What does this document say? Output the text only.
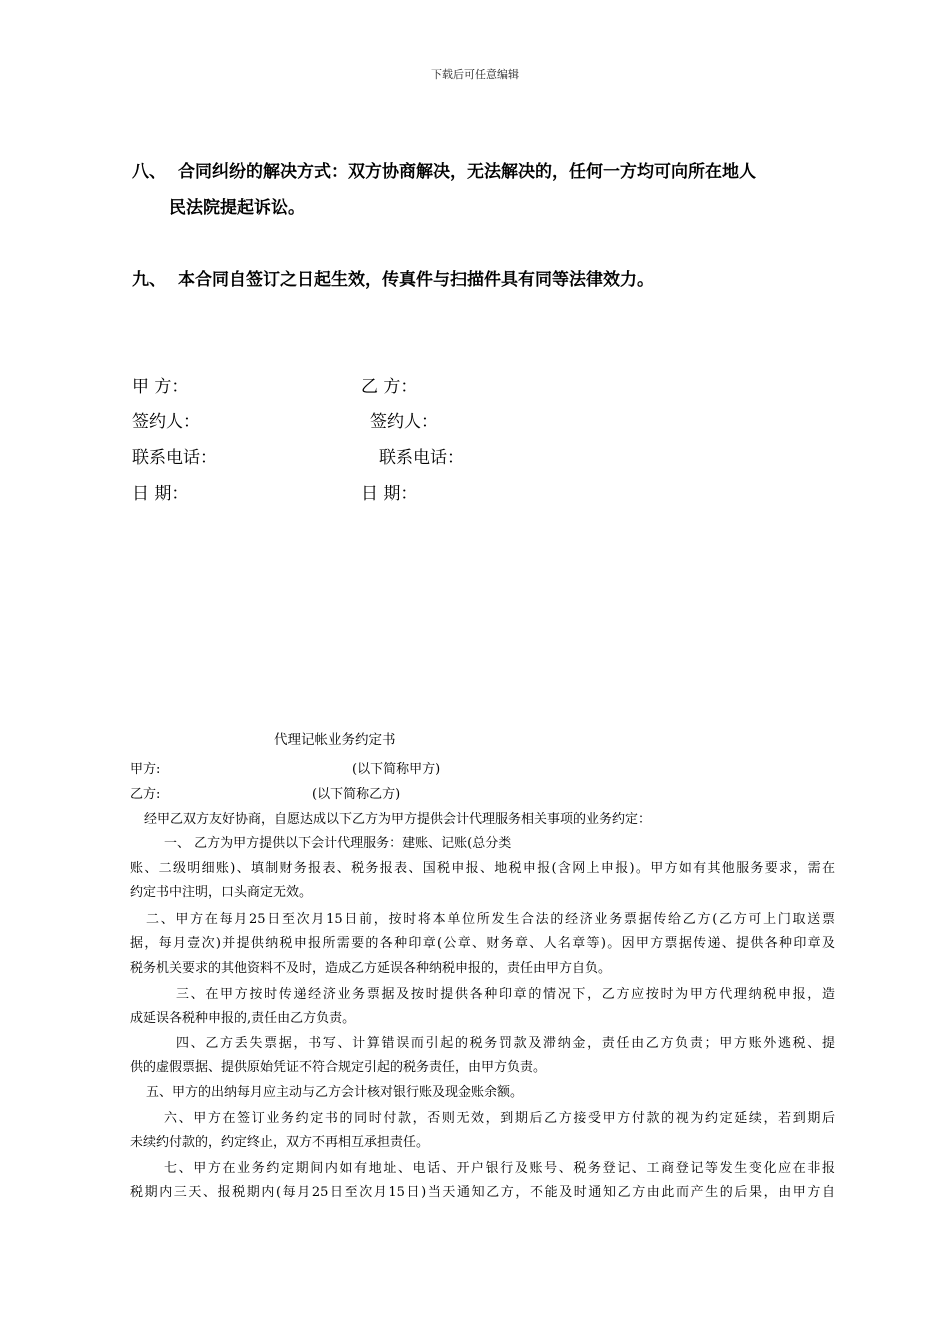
下载后可任意编辑
八、 合同纠纷的解决方式：双方协商解决，无法解决的，任何一方均可向所在地人
民法院提起诉讼。
九、 本合同自签订之日起生效，传真件与扫描件具有同等法律效力。
甲 方：	乙 方：
签约人：	签约人：
联系电话：	联系电话：
日 期：	日 期：
代理记帐业务约定书
甲方:	(以下简称甲方)
乙方:	(以下简称乙方)
经甲乙双方友好协商，自愿达成以下乙方为甲方提供会计代理服务相关事项的业务约定：
一、 乙方为甲方提供以下会计代理服务：建账、记账(总分类
账、二级明细账)、填制财务报表、税务报表、国税申报、地税申报(含网上申报)。甲方如有其他服务要求，需在
约定书中注明，口头商定无效。
二、甲方在每月25日至次月15日前，按时将本单位所发生合法的经济业务票据传给乙方(乙方可上门取送票
据，每月壹次)并提供纳税申报所需要的各种印章(公章、财务章、人名章等)。因甲方票据传递、提供各种印章及
税务机关要求的其他资料不及时，造成乙方延误各种纳税申报的，责任由甲方自负。
三、在甲方按时传递经济业务票据及按时提供各种印章的情况下，乙方应按时为甲方代理纳税申报，造
成延误各税种申报的,责任由乙方负责。
四、乙方丢失票据，书写、计算错误而引起的税务罚款及滞纳金，责任由乙方负责；甲方账外逃税、提
供的虚假票据、提供原始凭证不符合规定引起的税务责任，由甲方负责。
五、甲方的出纳每月应主动与乙方会计核对银行账及现金账余额。
六、甲方在签订业务约定书的同时付款，否则无效，到期后乙方接受甲方付款的视为约定延续，若到期后
未续约付款的，约定终止，双方不再相互承担责任。
七、甲方在业务约定期间内如有地址、电话、开户银行及账号、税务登记、工商登记等发生变化应在非报
税期内三天、报税期内(每月25日至次月15日)当天通知乙方，不能及时通知乙方由此而产生的后果，由甲方自
